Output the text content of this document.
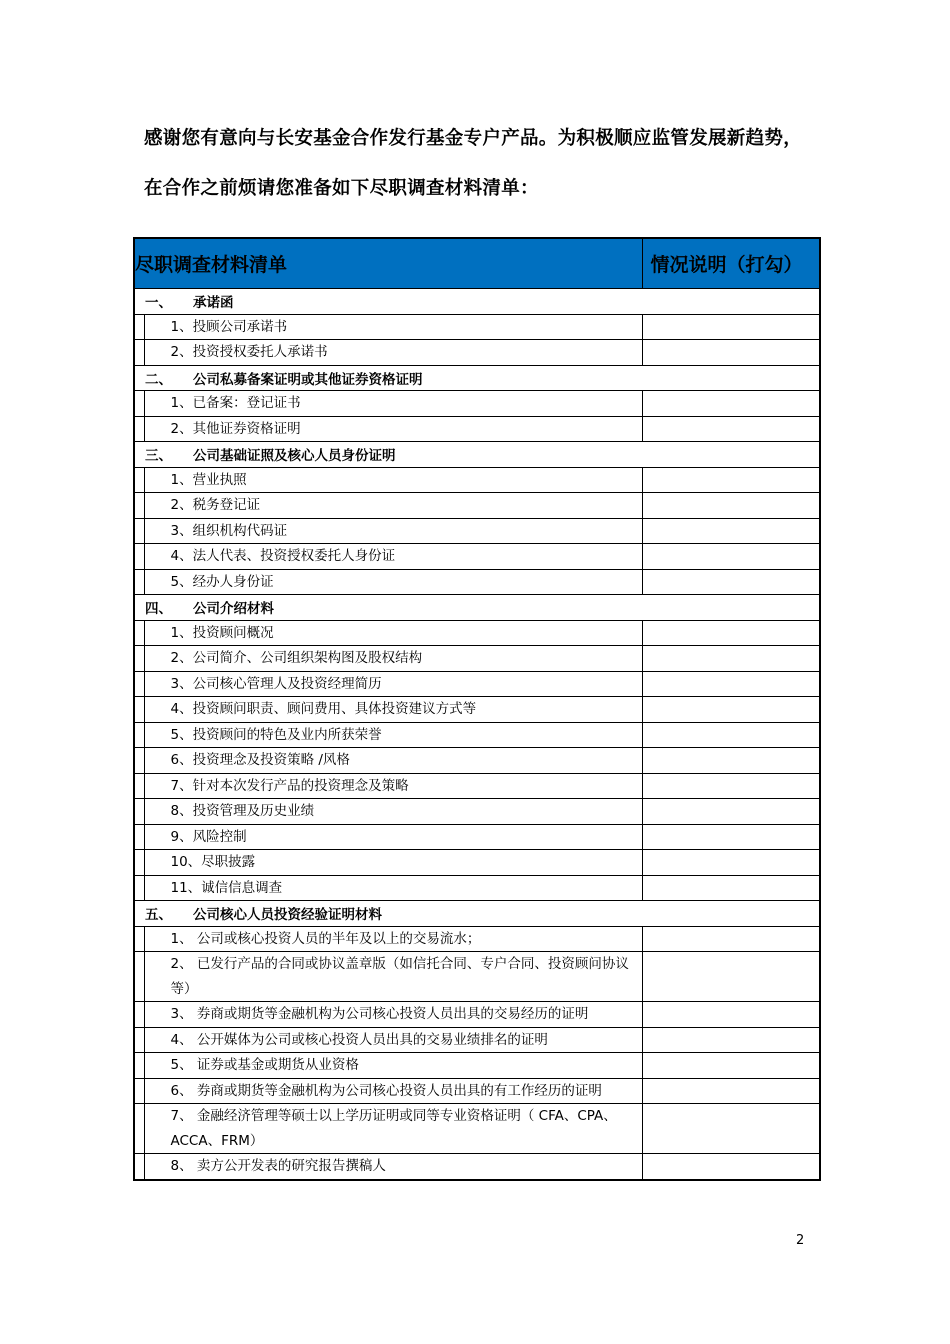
感谢您有意向与长安基金合作发行基金专户产品。为积极顺应监管发展新趋势，
在合作之前烦请您准备如下尽职调查材料清单：
尽职调查材料清单		情况说明（打勾）
一、 承诺函		
	1、投顾公司承诺书	
	2、投资授权委托人承诺书	
二、 公司私募备案证明或其他证券资格证明		
	1、已备案：登记证书	
	2、其他证券资格证明	
三、 公司基础证照及核心人员身份证明		
	1、营业执照	
	2、税务登记证	
	3、组织机构代码证	
	4、法人代表、投资授权委托人身份证	
	5、经办人身份证	
四、 公司介绍材料		
	1、投资顾问概况	
	2、公司简介、公司组织架构图及股权结构	
	3、公司核心管理人及投资经理简历	
	4、投资顾问职责、顾问费用、具体投资建议方式等	
	5、投资顾问的特色及业内所获荣誉	
	6、投资理念及投资策略 /风格	
	7、针对本次发行产品的投资理念及策略	
	8、投资管理及历史业绩	
	9、风险控制	
	10、尽职披露	
	11、诚信信息调查	
五、 公司核心人员投资经验证明材料		
	1、 公司或核心投资人员的半年及以上的交易流水；	
	2、 已发行产品的合同或协议盖章版（如信托合同、专户合同、投资顾问协议等）	
	3、 券商或期货等金融机构为公司核心投资人员出具的交易经历的证明	
	4、 公开媒体为公司或核心投资人员出具的交易业绩排名的证明	
	5、 证券或基金或期货从业资格	
	6、 券商或期货等金融机构为公司核心投资人员出具的有工作经历的证明	
	7、 金融经济管理等硕士以上学历证明或同等专业资格证明（ CFA、CPA、ACCA、FRM）	
	8、 卖方公开发表的研究报告撰稿人	
2
